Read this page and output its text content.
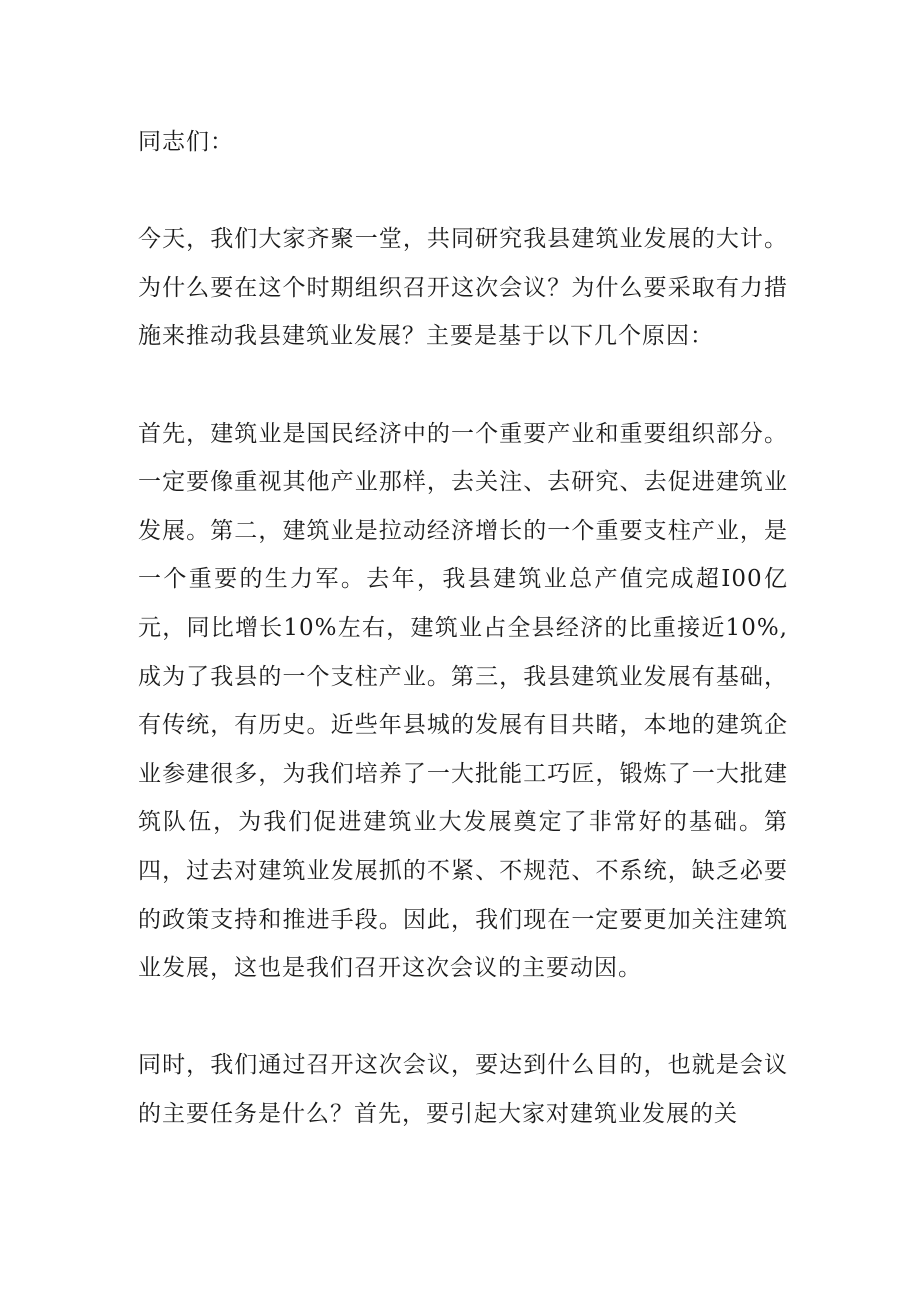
同志们：

今天，我们大家齐聚一堂，共同研究我县建筑业发展的大计。为什么要在这个时期组织召开这次会议？为什么要采取有力措施来推动我县建筑业发展？主要是基于以下几个原因：

首先，建筑业是国民经济中的一个重要产业和重要组织部分。一定要像重视其他产业那样，去关注、去研究、去促进建筑业发展。第二，建筑业是拉动经济增长的一个重要支柱产业，是一个重要的生力军。去年，我县建筑业总产值完成超I00亿元，同比增长10%左右，建筑业占全县经济的比重接近10%,成为了我县的一个支柱产业。第三，我县建筑业发展有基础，有传统，有历史。近些年县城的发展有目共睹，本地的建筑企业参建很多，为我们培养了一大批能工巧匠，锻炼了一大批建筑队伍，为我们促进建筑业大发展奠定了非常好的基础。第四，过去对建筑业发展抓的不紧、不规范、不系统，缺乏必要的政策支持和推进手段。因此，我们现在一定要更加关注建筑业发展，这也是我们召开这次会议的主要动因。

同时，我们通过召开这次会议，要达到什么目的，也就是会议的主要任务是什么？首先，要引起大家对建筑业发展的关
